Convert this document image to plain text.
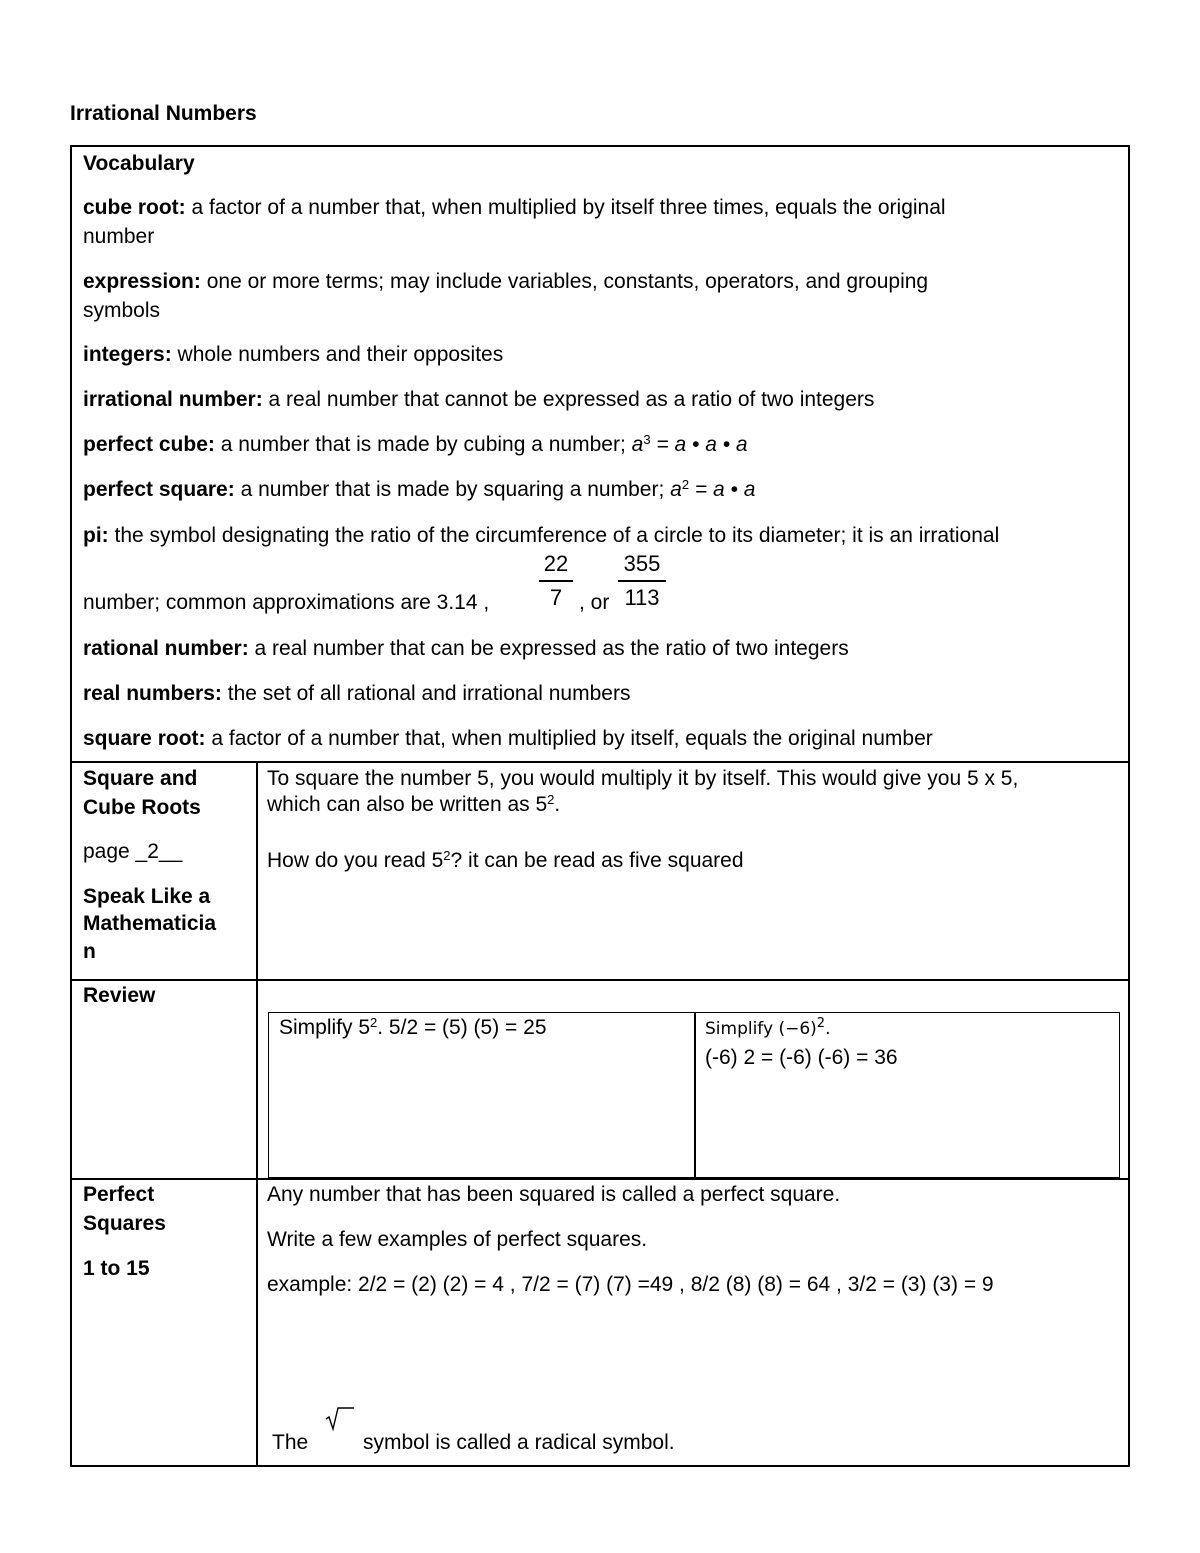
Irrational Numbers
Vocabulary
cube root: a factor of a number that, when multiplied by itself three times, equals the original
number
expression: one or more terms; may include variables, constants, operators, and grouping
symbols
integers: whole numbers and their opposites
irrational number: a real number that cannot be expressed as a ratio of two integers
perfect cube: a number that is made by cubing a number; $a^3 = a$ • a • a
perfect square: a number that is made by squaring a number; $a^2 = a$ • a
pi: the symbol designating the ratio of the circumference of a circle to its diameter; it is an irrational
number; common approximations are 3.14 ,
22
7 , or
355
113
rational number: a real number that can be expressed as the ratio of two integers
real numbers: the set of all rational and irrational numbers
square root: a factor of a number that, when multiplied by itself, equals the original number
Square and
Cube Roots
page _2__
Speak Like a
Mathematicia
n
To square the number 5, you would multiply it by itself. This would give you 5 x 5,
which can also be written as $5^2$.
How do you read $5^2$? it can be read as five squared
Review
Simplify $5^2$. 5/2 = (5) (5) = 25	Simplify $(-6)^2$.
(-6) 2 = (-6) (-6) = 36
Perfect
Squares
1 to 15
Any number that has been squared is called a perfect square.
Write a few examples of perfect squares.
example: 2/2 = (2) (2) = 4 , 7/2 = (7) (7) =49 , 8/2 (8) (8) = 64 , 3/2 = (3) (3) = 9
The	symbol is called a radical symbol.
